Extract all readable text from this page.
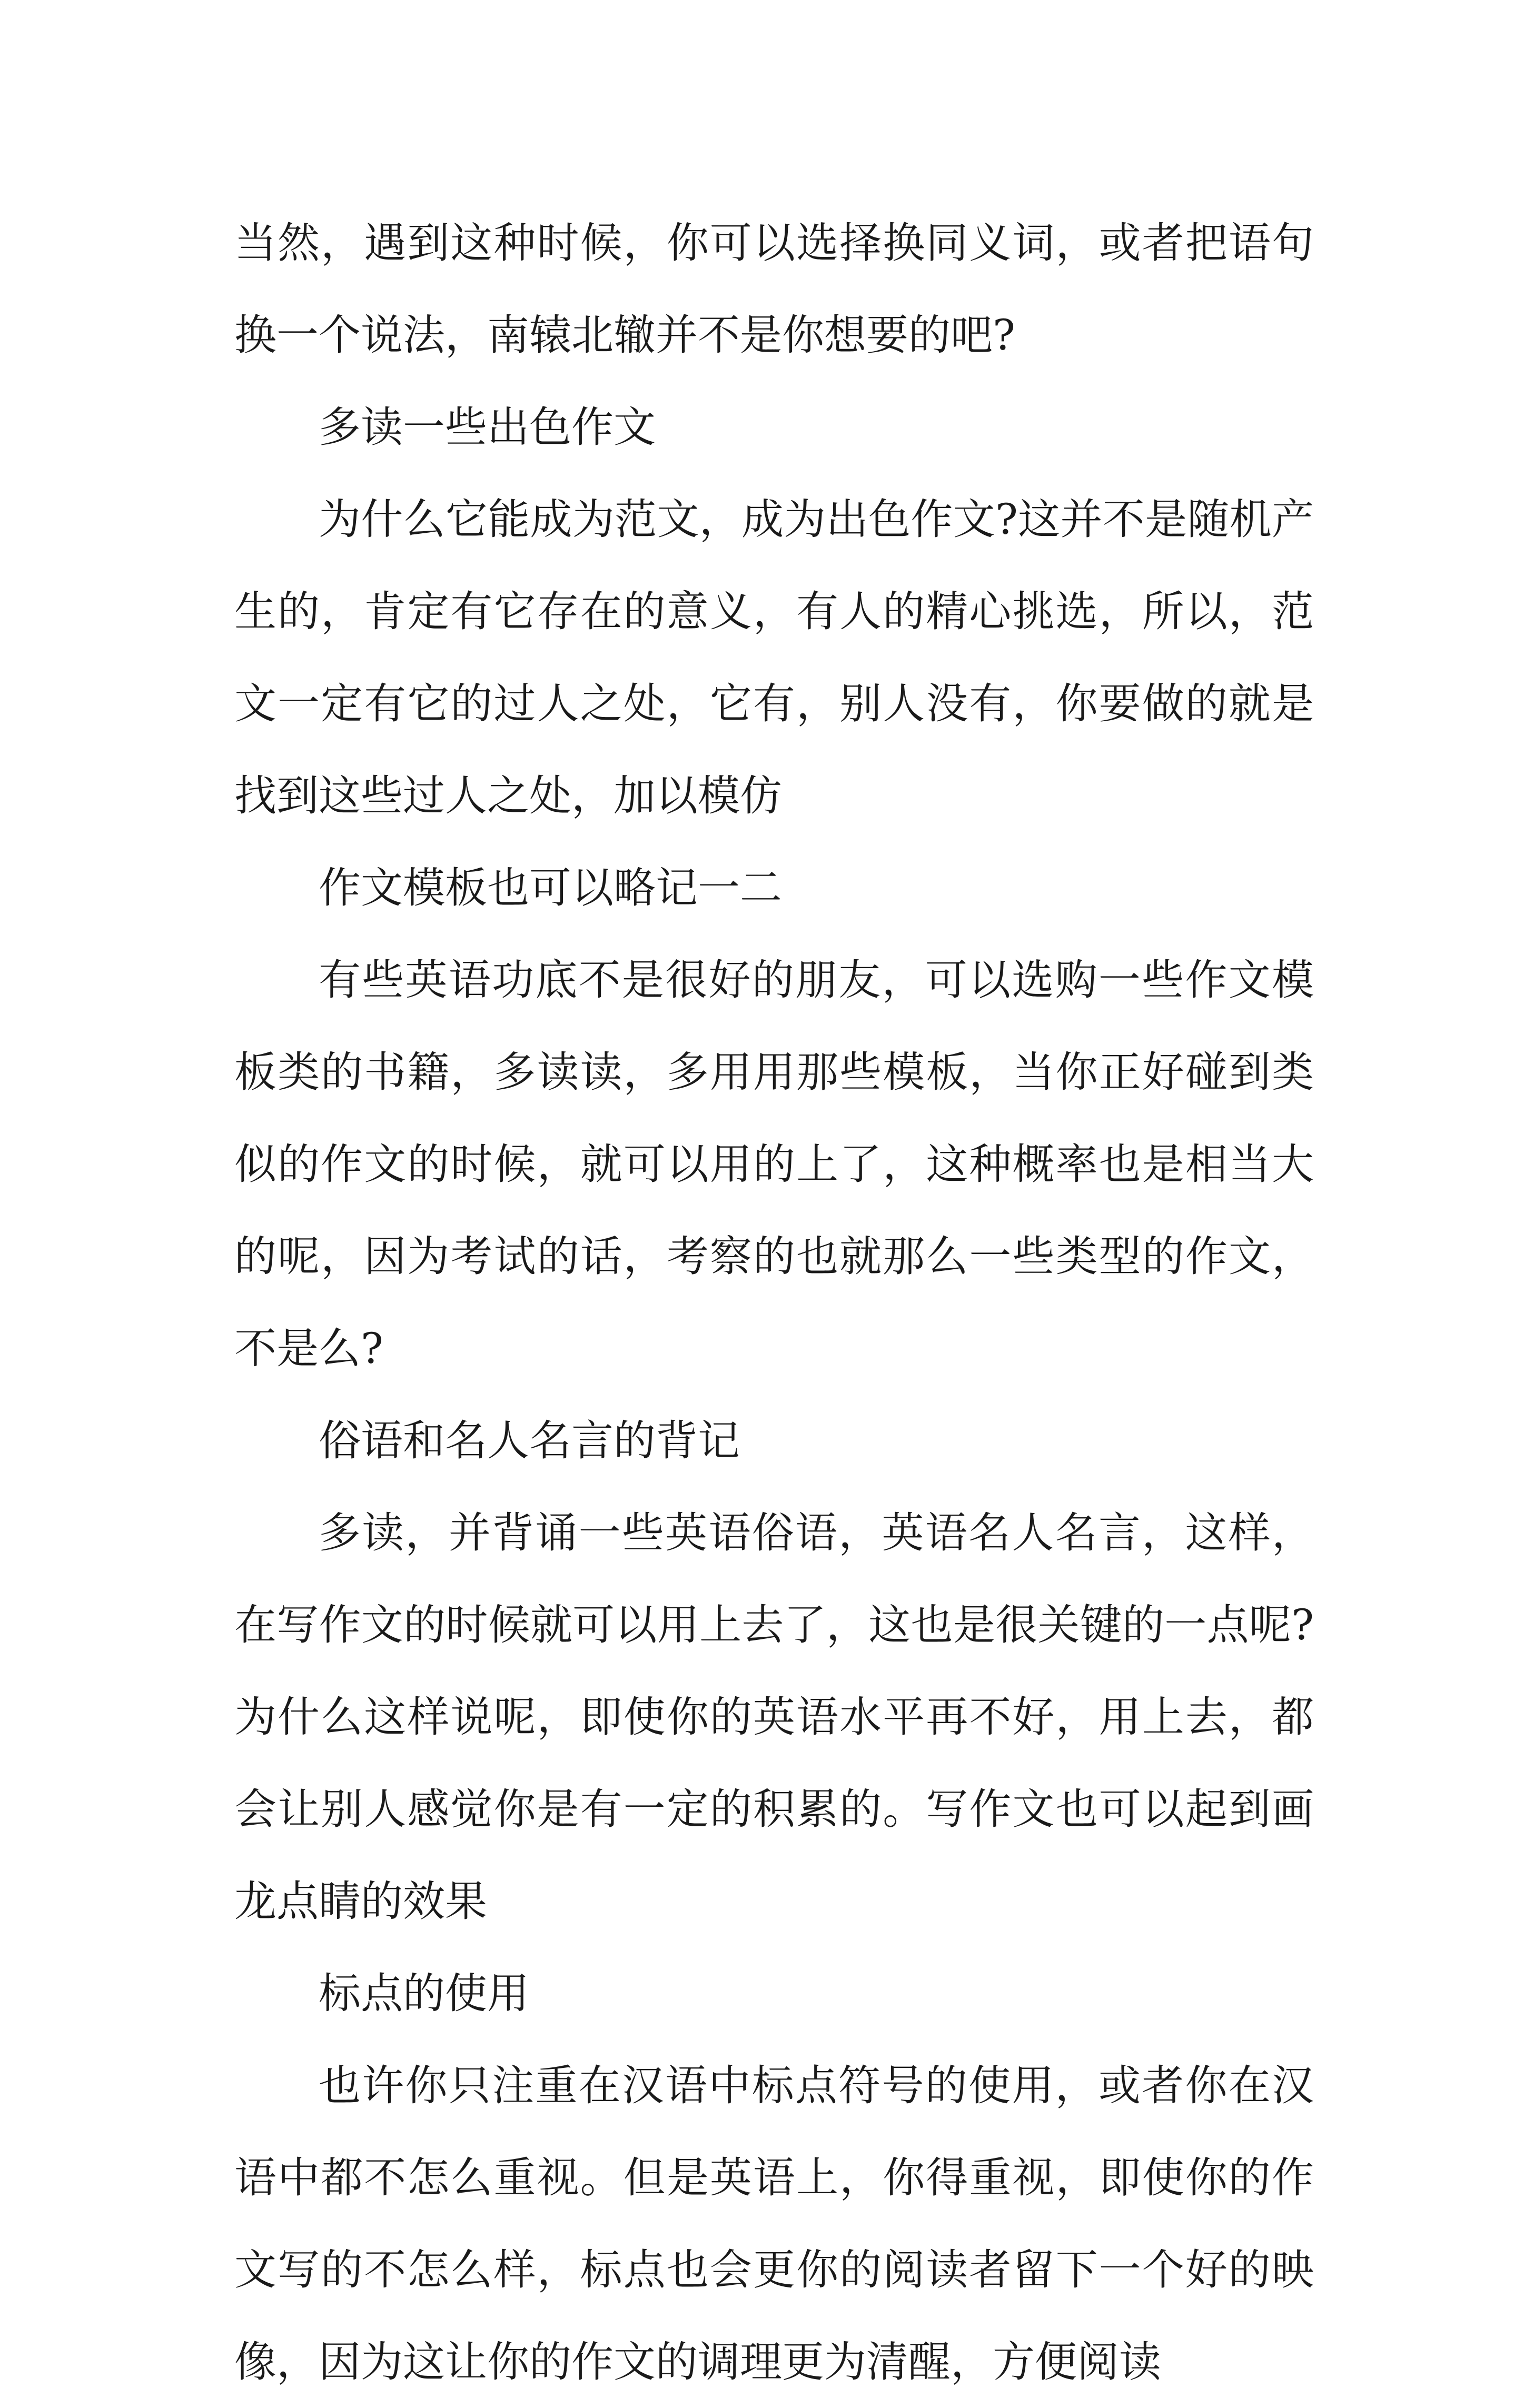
当然，遇到这种时候，你可以选择换同义词，或者把语句换一个说法，南辕北辙并不是你想要的吧?

多读一些出色作文

为什么它能成为范文，成为出色作文?这并不是随机产生的，肯定有它存在的意义，有人的精心挑选，所以，范文一定有它的过人之处，它有，别人没有，你要做的就是找到这些过人之处，加以模仿

作文模板也可以略记一二

有些英语功底不是很好的朋友，可以选购一些作文模板类的书籍，多读读，多用用那些模板，当你正好碰到类似的作文的时候，就可以用的上了，这种概率也是相当大的呢，因为考试的话，考察的也就那么一些类型的作文，不是么?

俗语和名人名言的背记

多读，并背诵一些英语俗语，英语名人名言，这样，在写作文的时候就可以用上去了，这也是很关键的一点呢?为什么这样说呢，即使你的英语水平再不好，用上去，都会让别人感觉你是有一定的积累的。写作文也可以起到画龙点睛的效果

标点的使用

也许你只注重在汉语中标点符号的使用，或者你在汉语中都不怎么重视。但是英语上，你得重视，即使你的作文写的不怎么样，标点也会更你的阅读者留下一个好的映像，因为这让你的作文的调理更为清醒，方便阅读
